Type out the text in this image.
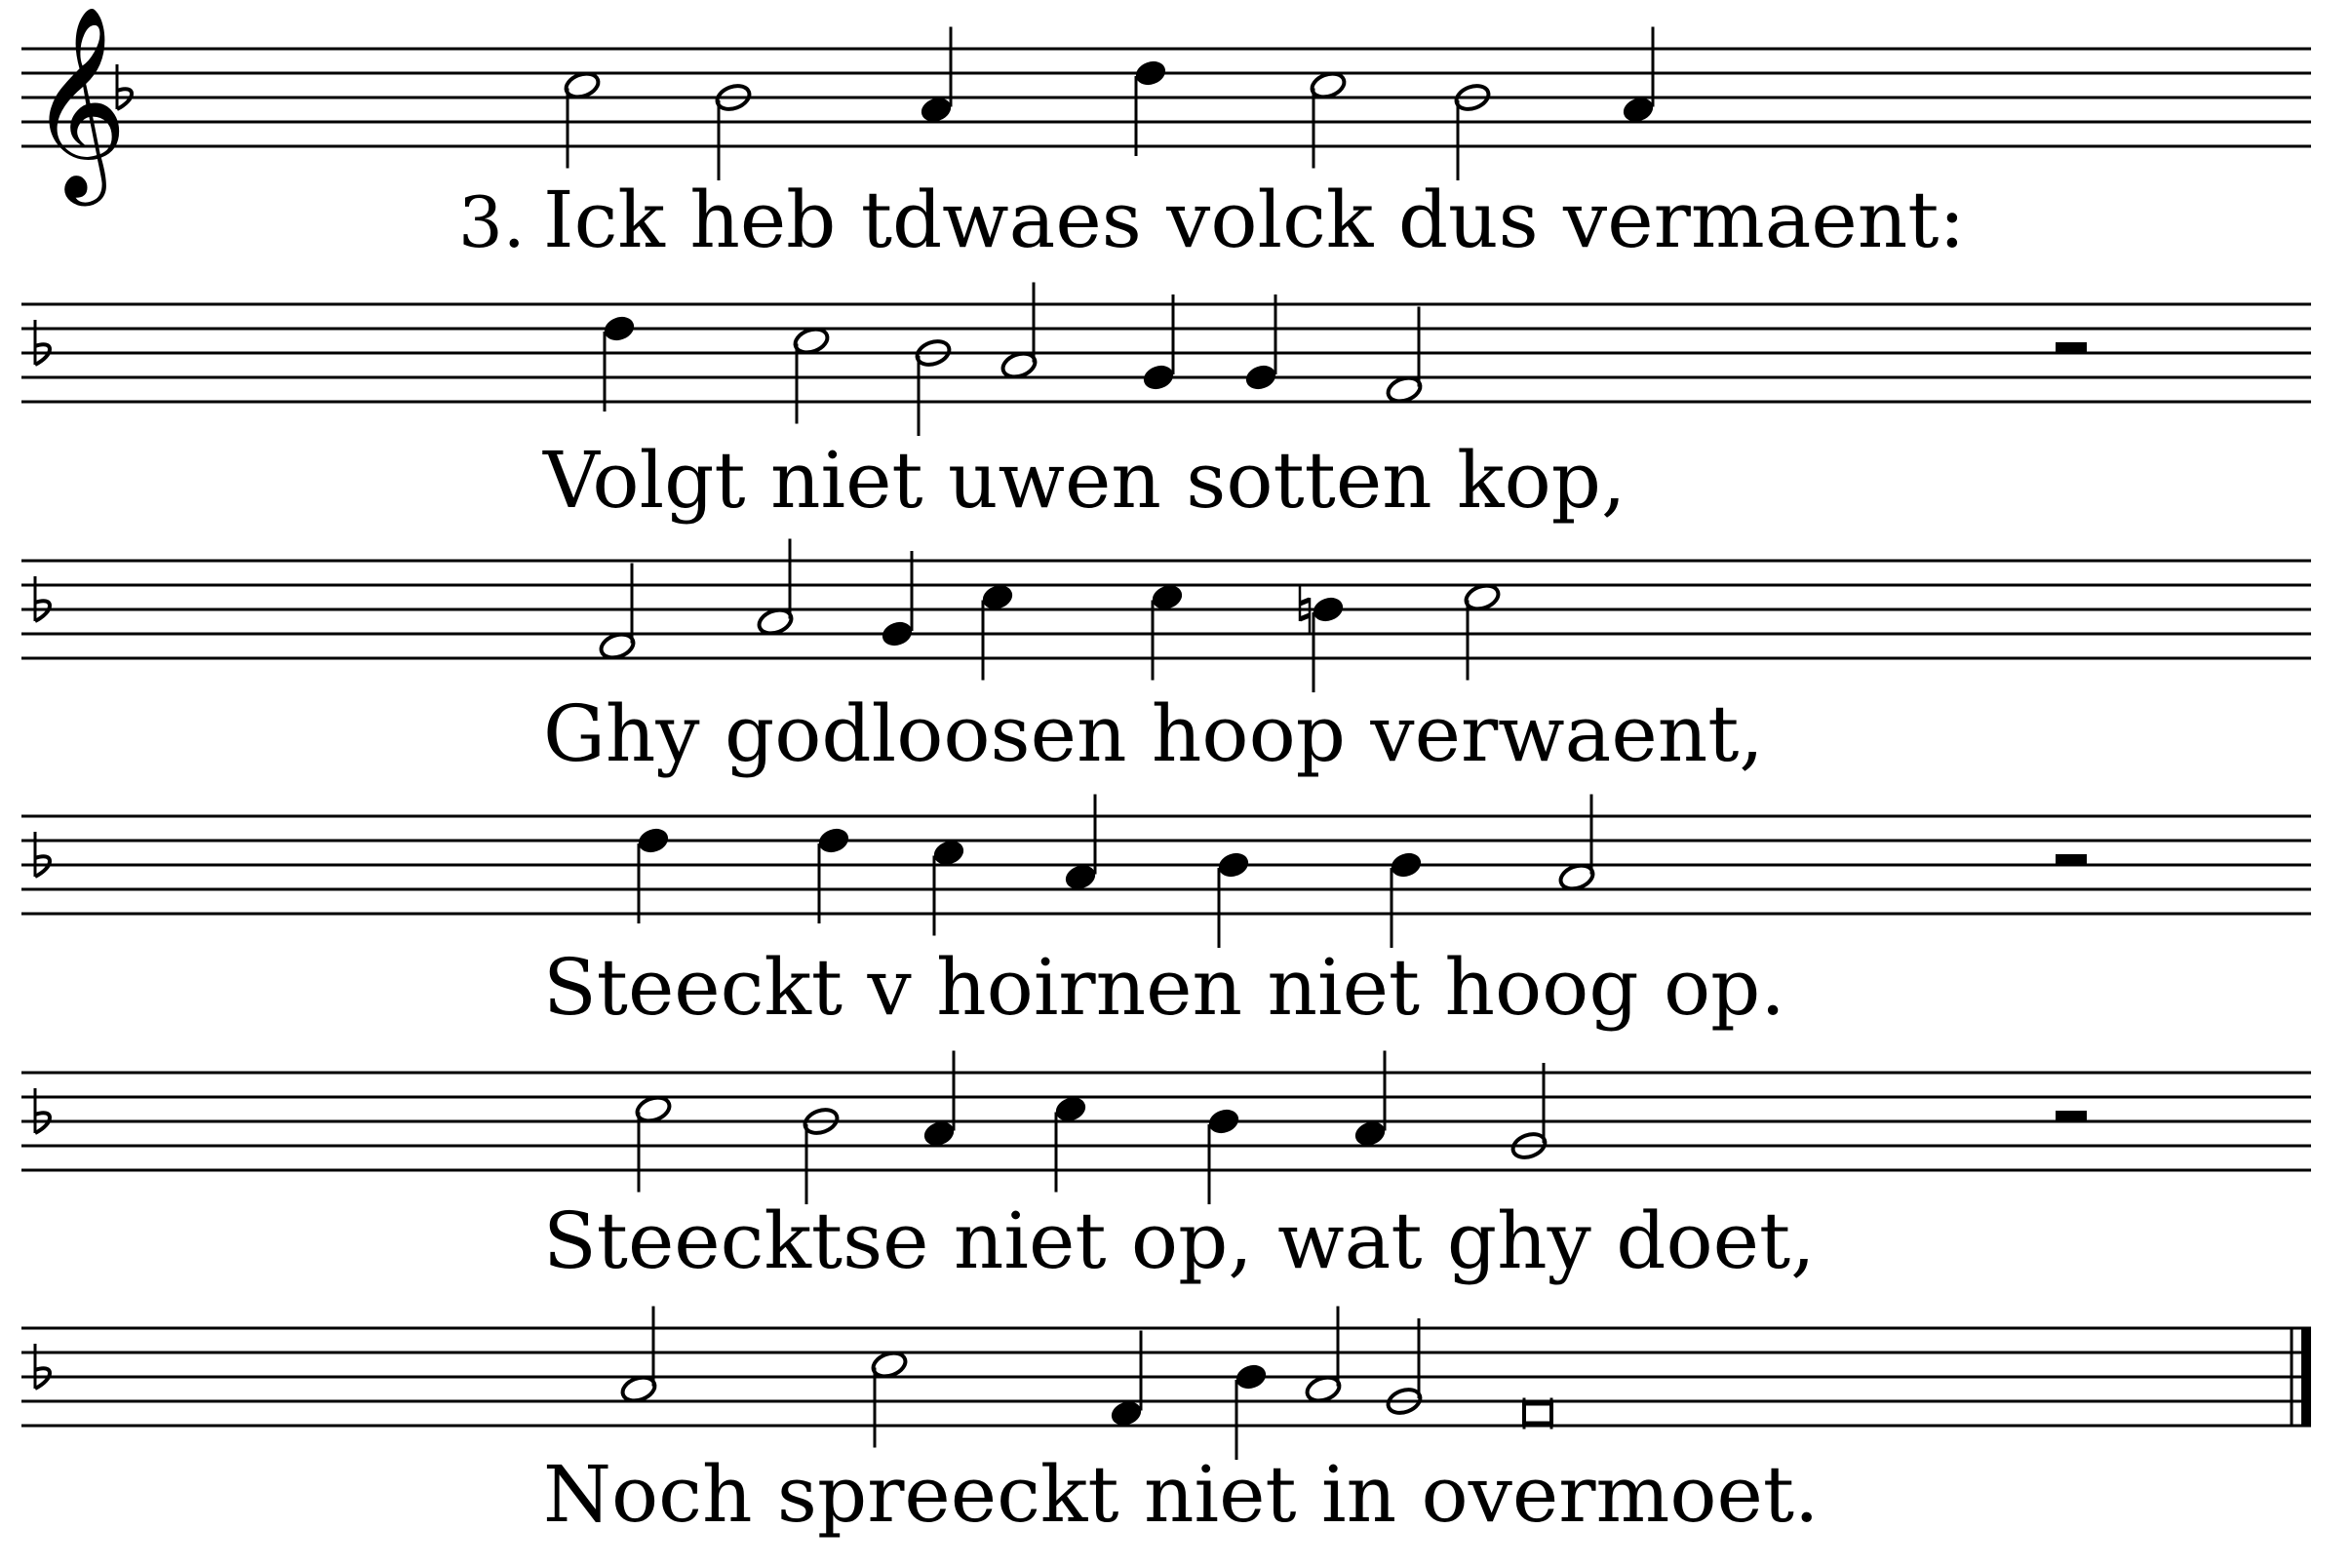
𝄞
3. Ick heb tdwaes volck dus vermaent:
Volgt niet uwen sotten kop,
Ghy godloosen hoop verwaent,
Steeckt v hoirnen niet hoog op.
Steecktse niet op, wat ghy doet,
Noch spreeckt niet in overmoet.
